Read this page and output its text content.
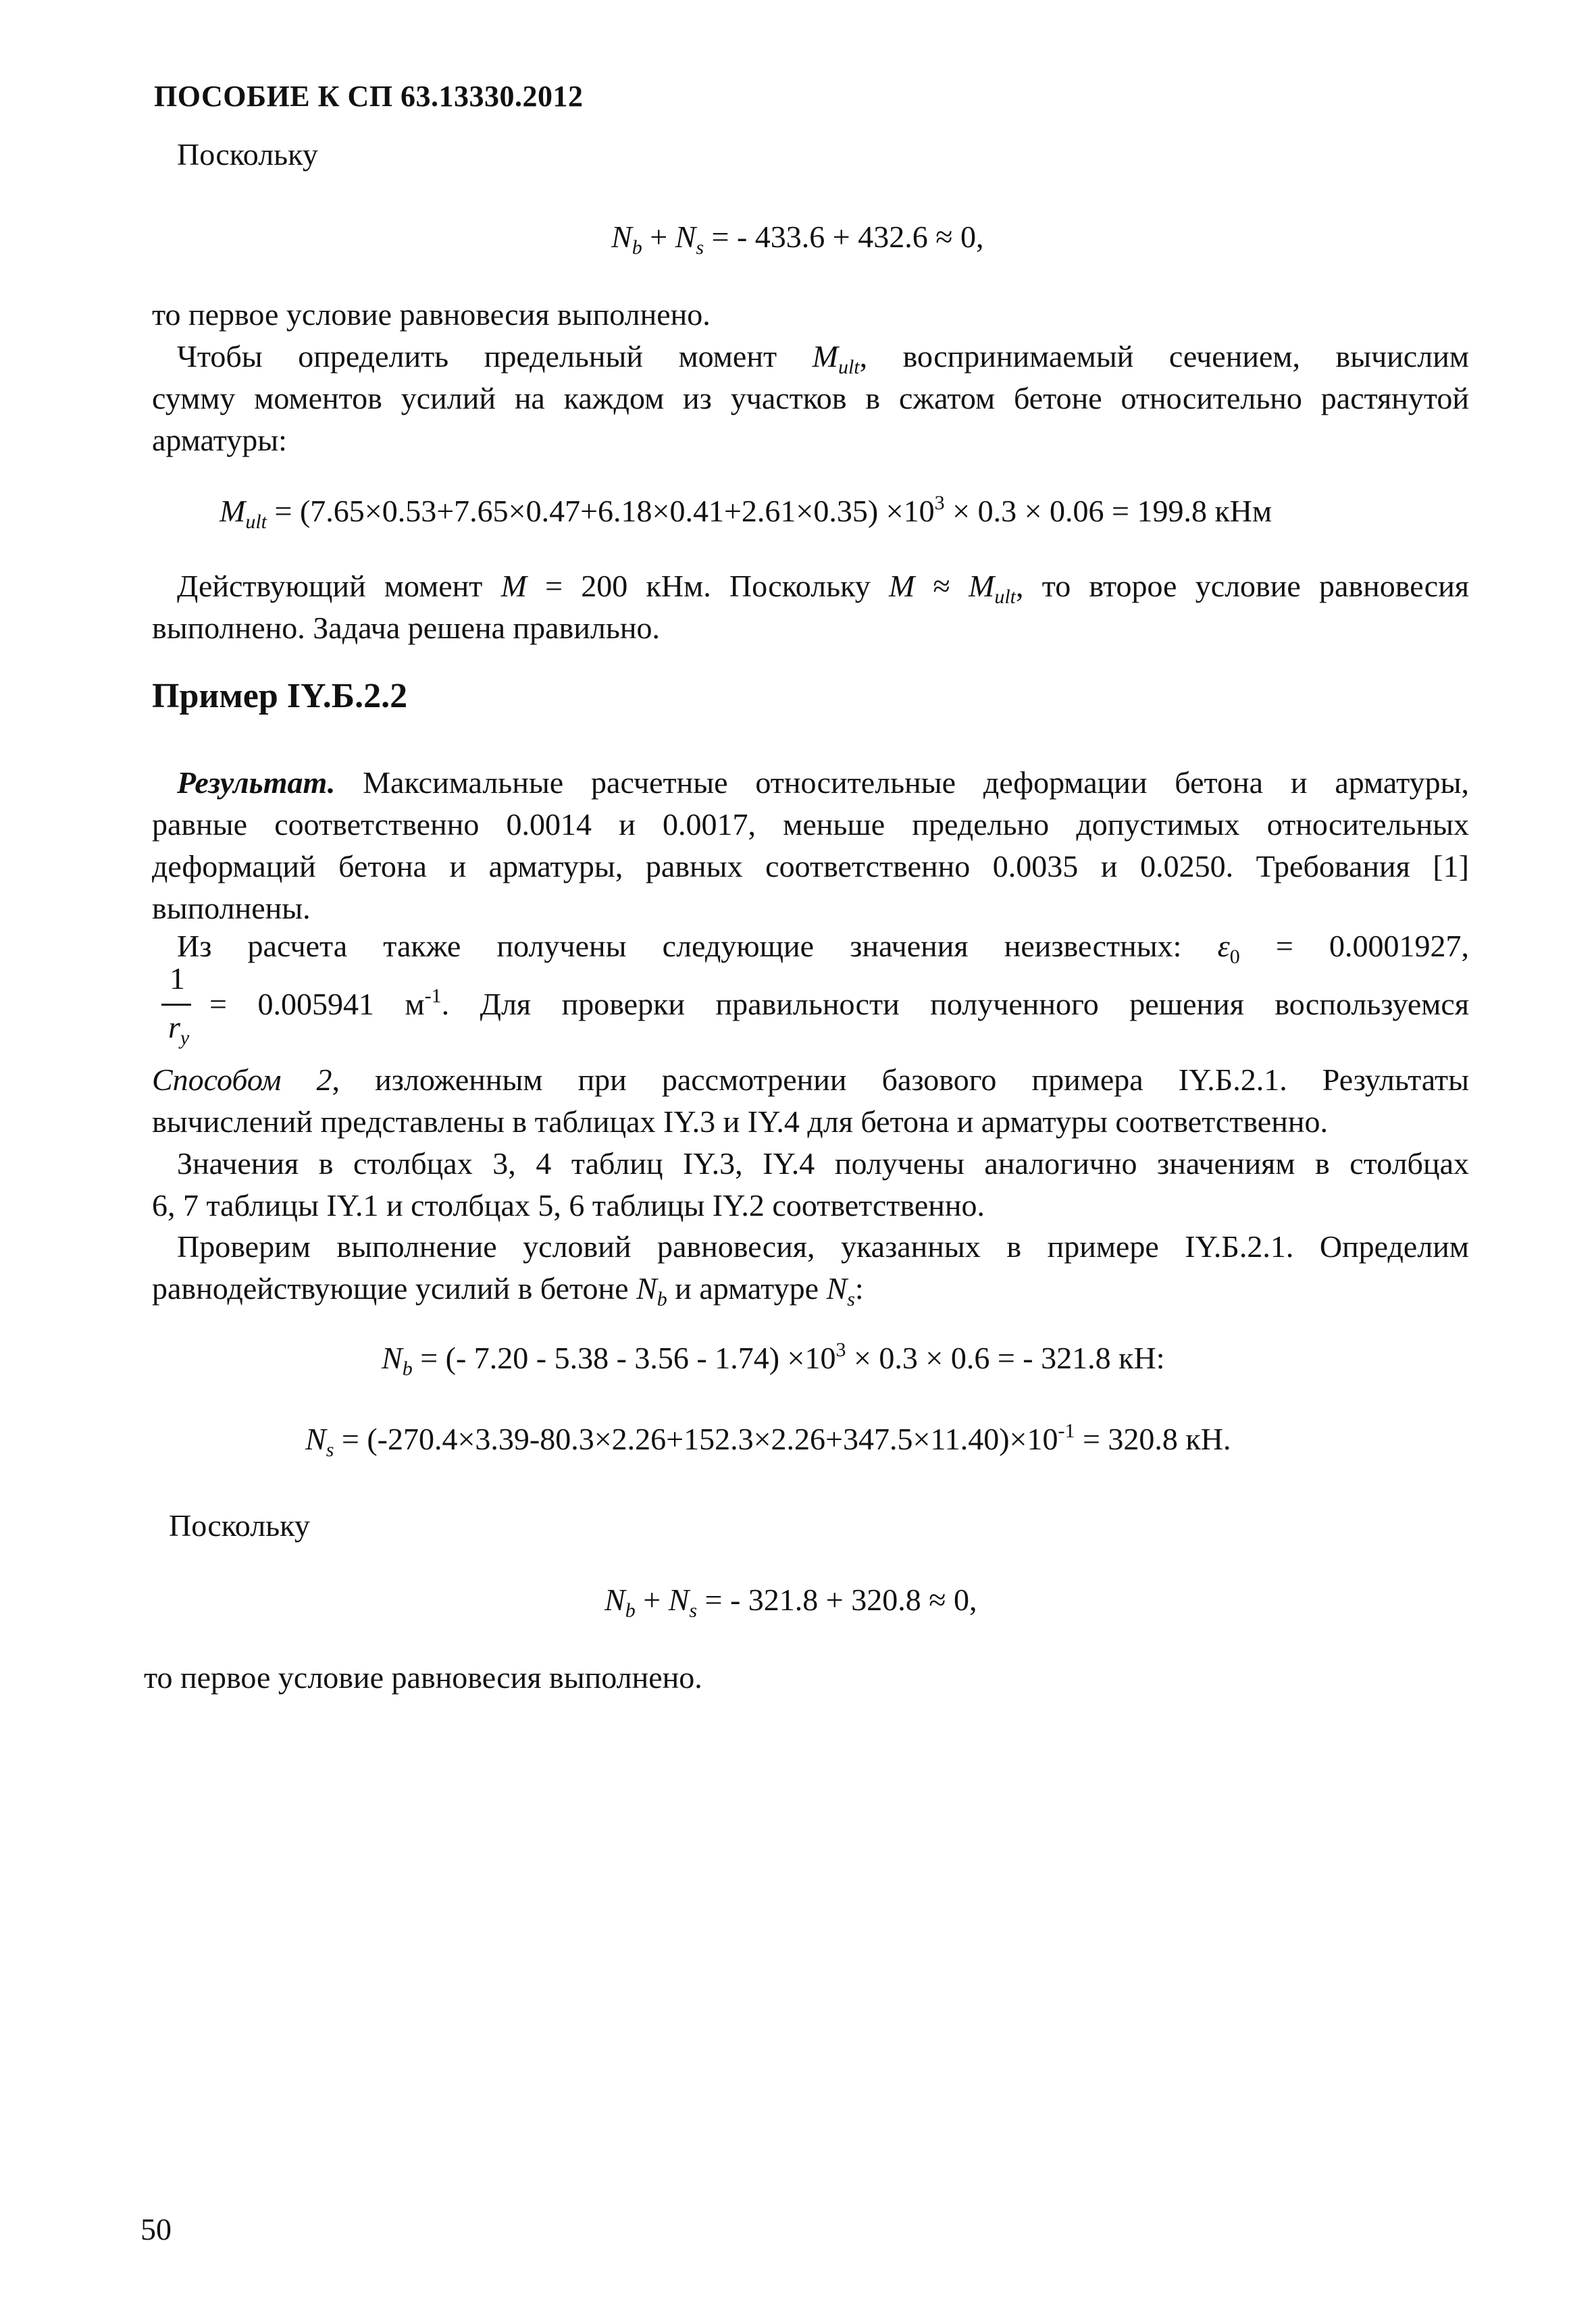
ПОСОБИЕ К СП 63.13330.2012
Поскольку
$N_b + N_s$ = - 433.6 + 432.6 ≈ 0,
то первое условие равновесия выполнено.
Чтобы определить предельный момент $M_{ult}$, воспринимаемый сечением, вычислим
сумму моментов усилий на каждом из участков в сжатом бетоне относительно растянутой
арматуры:
$M_{ult} = (7.65\times 0.53+7.65\times 0.47+6.18\times 0.41+2.61\times 0.35) \times 10^3 \times 0.3 \times 0.06 = 199.8$ кНм
Действующий момент M = 200 кНм. Поскольку $M \approx M_{ult}$, то второе условие равновесия
выполнено. Задача решена правильно.
Пример IY.Б.2.2
Результат. Максимальные расчетные относительные деформации бетона и арматуры,
равные соответственно 0.0014 и 0.0017, меньше предельно допустимых относительных
деформаций бетона и арматуры, равных соответственно 0.0035 и 0.0250. Требования [1]
выполнены.
Из расчета также получены следующие значения неизвестных: $\varepsilon_0 = 0.0001927$,
1
$r_y$
= 0.005941 $м^{-1}$. Для проверки правильности полученного решения воспользуемся
Способом 2, изложенным при рассмотрении базового примера IY.Б.2.1. Результаты
вычислений представлены в таблицах IY.3 и IY.4 для бетона и арматуры соответственно.
Значения в столбцах 3, 4 таблиц IY.3, IY.4 получены аналогично значениям в столбцах
6, 7 таблицы IY.1 и столбцах 5, 6 таблицы IY.2 соответственно.
Проверим выполнение условий равновесия, указанных в примере IY.Б.2.1. Определим
равнодействующие усилий в бетоне $N_b$ и арматуре $N_s$:
$N_b$ = (- $7.20 - 5.38 - 3.56 - 1.74) \times 10^3 \times 0.3 \times 0.6$ = - 321.8 кН:
$N_s = (-270.4\times 3.39-80.3\times 2.26+152.3\times 2.26+347.5\times 11.40)\times 10^{-1} = 320.8$ кН.
Поскольку
$N_b + N_s$ = - 321.8 + 320.8 ≈ 0,
то первое условие равновесия выполнено.
50
